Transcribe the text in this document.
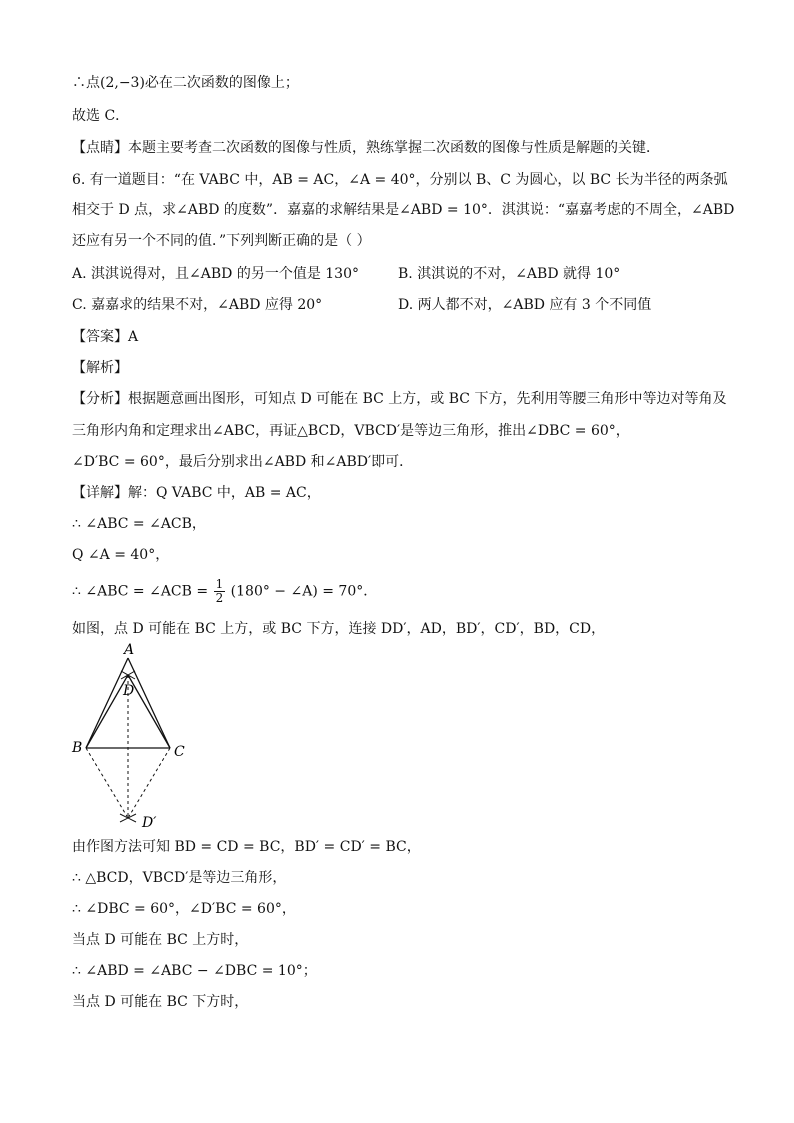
∴点(2,−3)必在二次函数的图像上；
故选 C．
【点睛】本题主要考查二次函数的图像与性质，熟练掌握二次函数的图像与性质是解题的关键．
6. 有一道题目：“在 VABC 中，AB = AC，∠A = 40°，分别以 B、C 为圆心，以 BC 长为半径的两条弧
相交于 D 点，求∠ABD 的度数”．嘉嘉的求解结果是∠ABD = 10°．淇淇说：“嘉嘉考虑的不周全，∠ABD
还应有另一个不同的值．”下列判断正确的是（ ）
A. 淇淇说得对，且∠ABD 的另一个值是 130°	B. 淇淇说的不对，∠ABD 就得 10°
C. 嘉嘉求的结果不对，∠ABD 应得 20°	D. 两人都不对，∠ABD 应有 3 个不同值
【答案】A
【解析】
【分析】根据题意画出图形，可知点 D 可能在 BC 上方，或 BC 下方，先利用等腰三角形中等边对等角及
三角形内角和定理求出∠ABC，再证△BCD，VBCD′是等边三角形，推出∠DBC = 60°，
∠D′BC = 60°，最后分别求出∠ABD 和∠ABD′即可．
【详解】解：Q VABC 中，AB = AC，
∴ ∠ABC = ∠ACB，
Q ∠A = 40°，
∴ ∠ABC = ∠ACB = $\frac{1}{2} (180^\circ$ − ∠A) = 70°．
如图，点 D 可能在 BC 上方，或 BC 下方，连接 DD′，AD，BD′，CD′，BD，CD，
A
D
B	C
D′
由作图方法可知 BD = CD = BC，BD′ = CD′ = BC，
∴ △BCD，VBCD′是等边三角形，
∴ ∠DBC = 60°，∠D′BC = 60°，
当点 D 可能在 BC 上方时，
∴ ∠ABD = ∠ABC − ∠DBC = 10°；
当点 D 可能在 BC 下方时，
